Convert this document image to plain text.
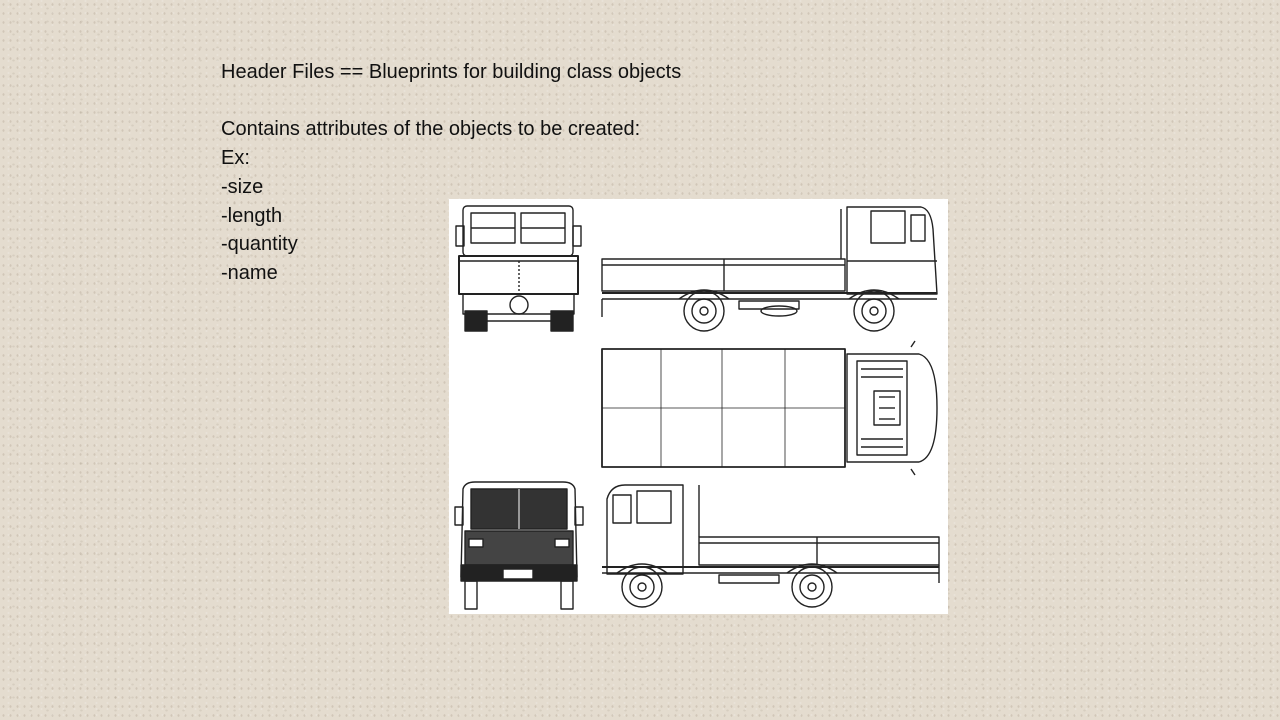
Header Files == Blueprints for building class objects
Contains attributes of the objects to be created:
Ex:
-size
-length
-quantity
-name
